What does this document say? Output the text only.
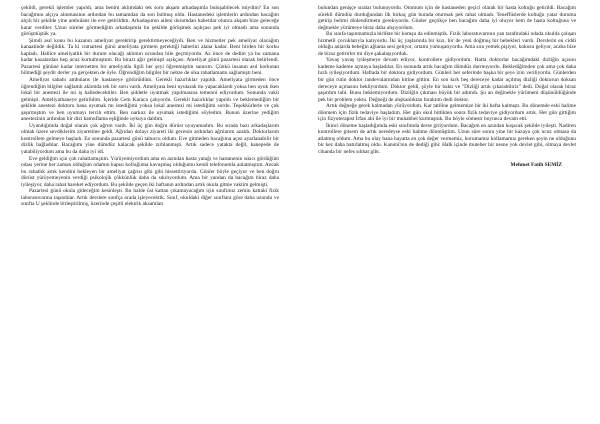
çekildi, gerekli işlemler yapıldı, ama benim aklımdaki tek soru akşam arkadaşımla buluşabilecek miydim? En son bacağımın alçıya alınmasının ardından bu tamamdan da son bulmuş oldu. Hastanedeki işlemlerin ardından bacağım alçılı bir şekilde yine ambulans ile eve getirildim. Arkadaşımın aileni durumdan haberdar olunca akşam bize geleceğe karar verdiler. Uzun süreler görmediğim arkadaşımla bu şekilde görüşmek açıkçası pek iyi olmadı ama sonunda görüşmüştük ya.

Şimdi asıl konu bu kazanın ameliyat gerektirip gerektirmeyeceğiydi. Ben ve hizmetler pek ameliyat olacağım kanaatinde değildik. Ta ki cumartesi günü ameliyata girmem gerektiği haberini alana kadar. Beni birden bir korku kapladı. Hallice ameliyatlık bir durum olacağı aklımın ucundan bile geçmiyordu. Az önce de dedim ya bu zamana kadar kazalardan hep ucuz kurtulmuştum. Bu birazi ağır gelmişti açıkçası. Ameliyat günü pazartesi olarak belirlendi. Pazartesi gününe kadar internetten bir ameliyatla ilgili her şeyi öğrenmiştim sanırım. Çünkü insanın asıl korkutan bilmediği şeydir derler ya gerçekten de öyle. Öğrendiğim bilgiler bir nebze de olsa rahatlamamı sağlamıştı beni.

Ameliyat sabahı ambulans ile hastaneye götürüldüm. Gerekli hazırlıklar yapıldı. Ameliyata girmeden önce öğrendiğim bilgiler sağlamlı aklımda tek bir soru vardı. Ameliyata beni uyutarak mı yapacaklardı yoksa ben uyuk iken lokal bir anestezi ile mi iş halledecektiler. Ben şiddetle uyutmak yapılmasına temenni ediyordum. Sonunda vakit gelmişti. Ameliyathaneye getirildim. İçeride Cem Karaca çalıyordu. Gerekli hazırlıklar yapıldı ve beklemediğim bir şekilde anestezi doktoru bana uyumak mı istediğimi yoksa lokal anestezi mi istediğimi sordu. Teşekkürlerle ve çok şaşırmıştım ve ben uyumayı tercih ettim. Ben narkoz ile uyumak istediğimi söyledim. Bunun üzerine yediğim anestezinin ardından bir dizi kamuflama eşliğinde uykuya daldım.

Uyandığımda doğal olarak çok ağrım vardı. İki üç gün doğru dürüst uyuyamadım. Bu sırada bazı arkadaşlarım olmak üzere sevdiklerim ziyaretime geldi. Ağrıdan dolayı ziyareti iki gecenin ardından ağrılarım azaldı. Doktorlarım kontrollere gelmeye başladı. En sonunda pazartesi günü taburcu oldum. Eve gitmeden bacağıma açısı ayarlanabilir bir dizlik bağladılar. Bacağımı yine dümdüz kalacak şekilde zırhlanmıştı. Artık sadece yatakta değil, kanepede de yatabiliyordum ama bu da daha iyi idi.

Eve geldiğim için çok rahatlamıştım. Yürüyemiyordum ama en azından hasta yatağı ve hastanenin sıkıcı gördüğüm odası yerine her zaman olduğum odamın kapısı kolluğuma kavuşmuş olduğumu kendi telefonumla anlatmıştım. Ancak bu rahatlık artık kendini bekleyen bir ameliyat çağrısı gibi gibi hissettiriyordu. Günler böyle geçiyor ve ben doğru dürüst yürüyemeyenin verdiği psikolojik çökkünlük daha da sıkılıyordum. Ama bir yandan da bacağım biraz daha iyileşiyor, daha rahat hareket ediyordum. Bu şekilde geçen iki haftanın ardından artık okula gitme vaktim gelmişti.

Pazartesi günü okula gideceğim kesinleşti. Bu halde üst kattan çıkamayacağım için sınıfımız zemin kattaki fizik laboratuvarına taşındılar. Artık derslere sınıfça orada işleyecektik. Sınıf, okuldaki diğer sınıflara göre daha uzundu ve sınıfta U şeklinde birleştirilmiş, üzerinde çeşitli elektrik aksamları

bulundan genişçe sıralar bulunuyordu. Otomum için de hastaneden geçici olarak bir hasta koltuğu getirildi. Bacağım sürekli dümdüz durduğundan ilk birkaç gün burada oturmak pek rahat olmadı. Teneffüslerde koltuğu yatar duruma getirip belimi dinlendirmem gerekiyordu. Günler geçtikçe ben bacağım daha iyi oluyor hem de hasta koltuğuna ve değinekle yürümeye biraz daha alışıyordum.

Bu sınıfa taşınmamızla birlikte bir komşu da edinmiştik. Fizik laboratuvarının yan tarafındaki odada okulda çalışan hizmetli çocuklarıyla kalıyordu. İki üç yaşlarında bir kızı, bir de yeni doğmuş bir bebekleri vardı. Derslerin en ciddi olduğu anlarda bebeğin ağlama sesi geliyor, ortamı yumuşatıyordu. Ama sıra yemek pişiyor, kokusu geliyor, acaba bize de biraz getirirler mi diye şakalaşıyorduk.

Yavaş yavaş iyileşmeye devam ediyor, kontrollere gidiyordum. Hatta doktorlar bacağımdaki dizliğin açısını kademe kademe açmaya başladılar. En sonunda artık bacağım dümdüz durmuyordu. Beklediğimden çok ama çok daha hızlı iyileşiyordum. Haftada bir doktora gidiyordum. Günleri her seferinde başka bir şeye izin veriliyordu. Günlerden bir gün rutin doktor randevularından birine gittim. En son kırk beş dereceye kadar açılmış dizliği doktorun doksan dereceye açmasını bekliyordum. Doktor geldi, şöyle bir baktı ve "Dizliği artık çıkarabiliriz" dedi. Doğal olarak biraz şaşırdım tabi. Bunu beklemiyordum. Dizliğin çıkması büyük bir adımdı. Şu an değinekle yürümem düşünüldüğünde pek bir problem yoktu. Değneği de alışkanlıktan bıraktım dedi doktor.

Artık değneğe gerek kalmadan yürüyordum. Kar tatiline gelmemize bir iki hafta kalmıştı. Bu dönemde eski halime dönmem için fizik tedaviye başladım. Her gün okul bittikten sonra fizik tedaviye gidiyordum artık. Her gün gittiğim için fizyoterapist İrfan abi ile iyi bir muhabbet kurmuştuk. Bu böyle sömestr boyunca devam etti.

İkinci döneme başladığımda eski sınıfımda derse giriyordum. Bacağım en azından koşacak şekilde iyileşti. Nadiren kontrollere gitsem de artık neredeyse eski halime dönmüştüm. Uzun süre sonra yine bir kazaya çok ucuz olmasa da atlatmış oldum. Ama bu olay bana hayatta en çok değer vermemiz, korumamız kollamamız gereken şeyin ne olduğunu bir kez daha hatırlatmış oldu. Kanuni'nin de dediği gibi: Halk içinde muteber bir nesne yok devlet gibi, olmaya devlet cihanda bir nefes sıhhat gibi.

Mehmet Fatih SEMİZ
